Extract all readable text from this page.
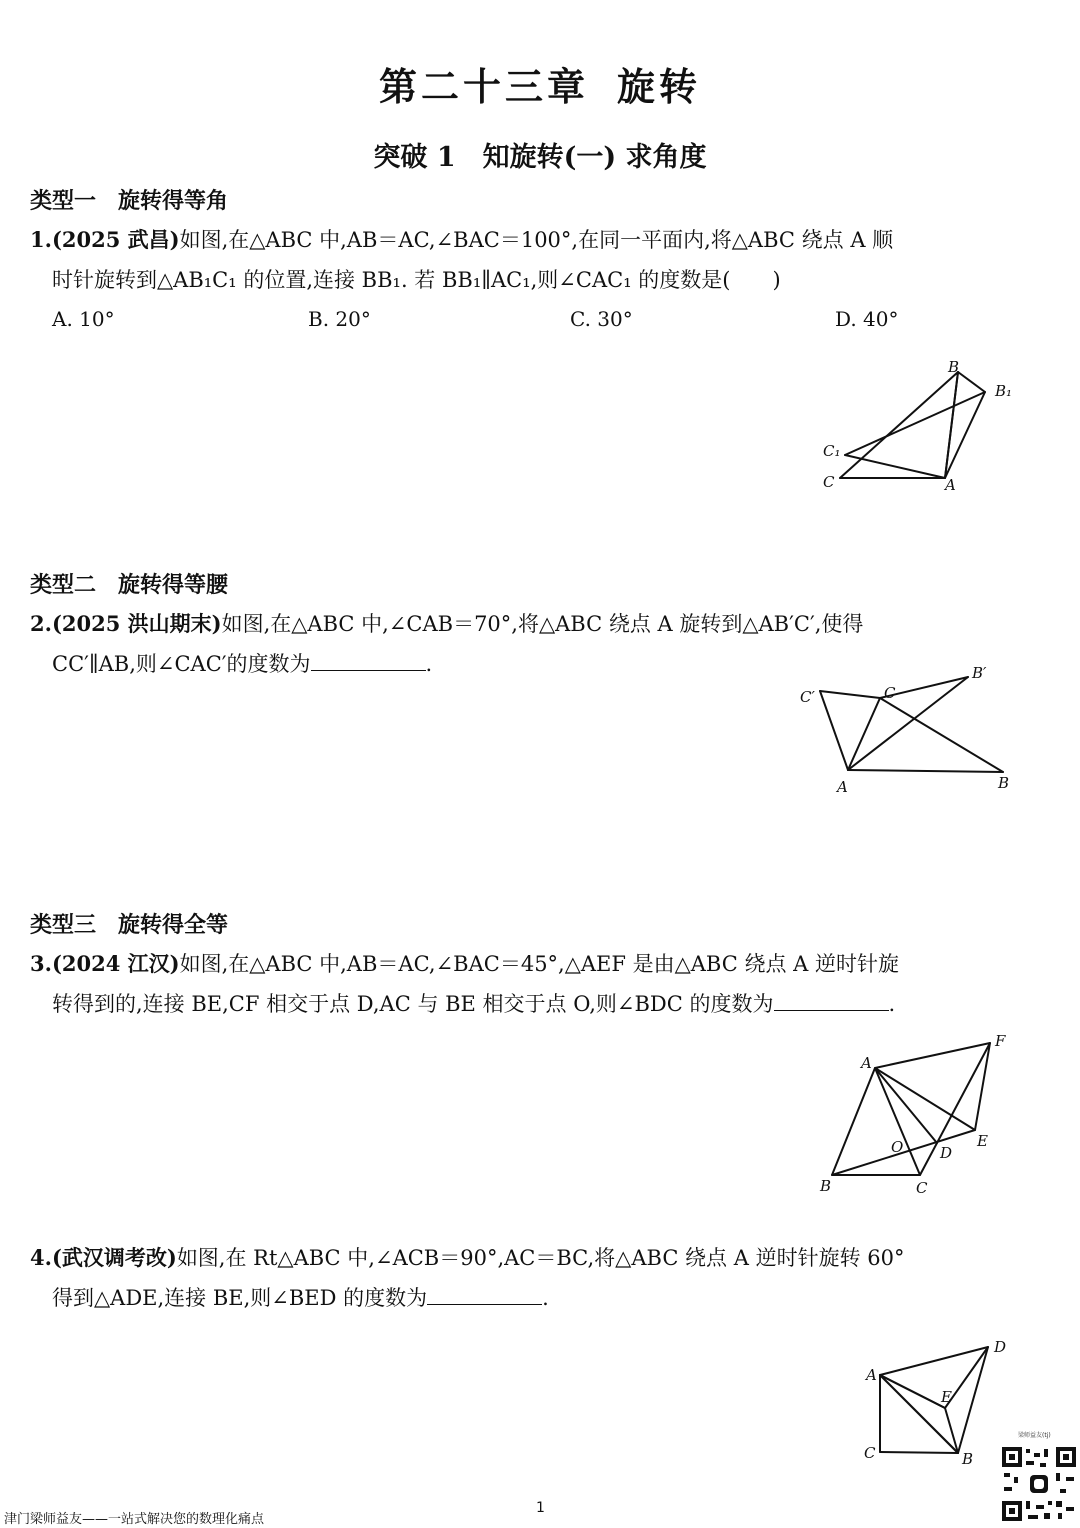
第二十三章 旋转
突破 1　知旋转(一) 求角度
类型一 旋转得等角
1.(2025 武昌)如图,在△ABC 中,AB＝AC,∠BAC＝100°,在同一平面内,将△ABC 绕点 A 顺
时针旋转到△AB₁C₁ 的位置,连接 BB₁. 若 BB₁∥AC₁,则∠CAC₁ 的度数是(　　)
A. 10°	B. 20°	C. 30°	D. 40°
B
B₁
C₁
C	A
类型二 旋转得等腰
2.(2025 洪山期末)如图,在△ABC 中,∠CAB＝70°,将△ABC 绕点 A 旋转到△AB′C′,使得
CC′∥AB,则∠CAC′的度数为	.
C′	C
B′
A	B
类型三 旋转得全等
3.(2024 江汉)如图,在△ABC 中,AB＝AC,∠BAC＝45°,△AEF 是由△ABC 绕点 A 逆时针旋
转得到的,连接 BE,CF 相交于点 D,AC 与 BE 相交于点 O,则∠BDC 的度数为	.
A
F
E
O D
B	C
4.(武汉调考改)如图,在 Rt△ABC 中,∠ACB＝90°,AC＝BC,将△ABC 绕点 A 逆时针旋转 60°
得到△ADE,连接 BE,则∠BED 的度数为	.
A
D
E
C	B
津门梁师益友——一站式解决您的数理化痛点
1
梁师益友(tj)
